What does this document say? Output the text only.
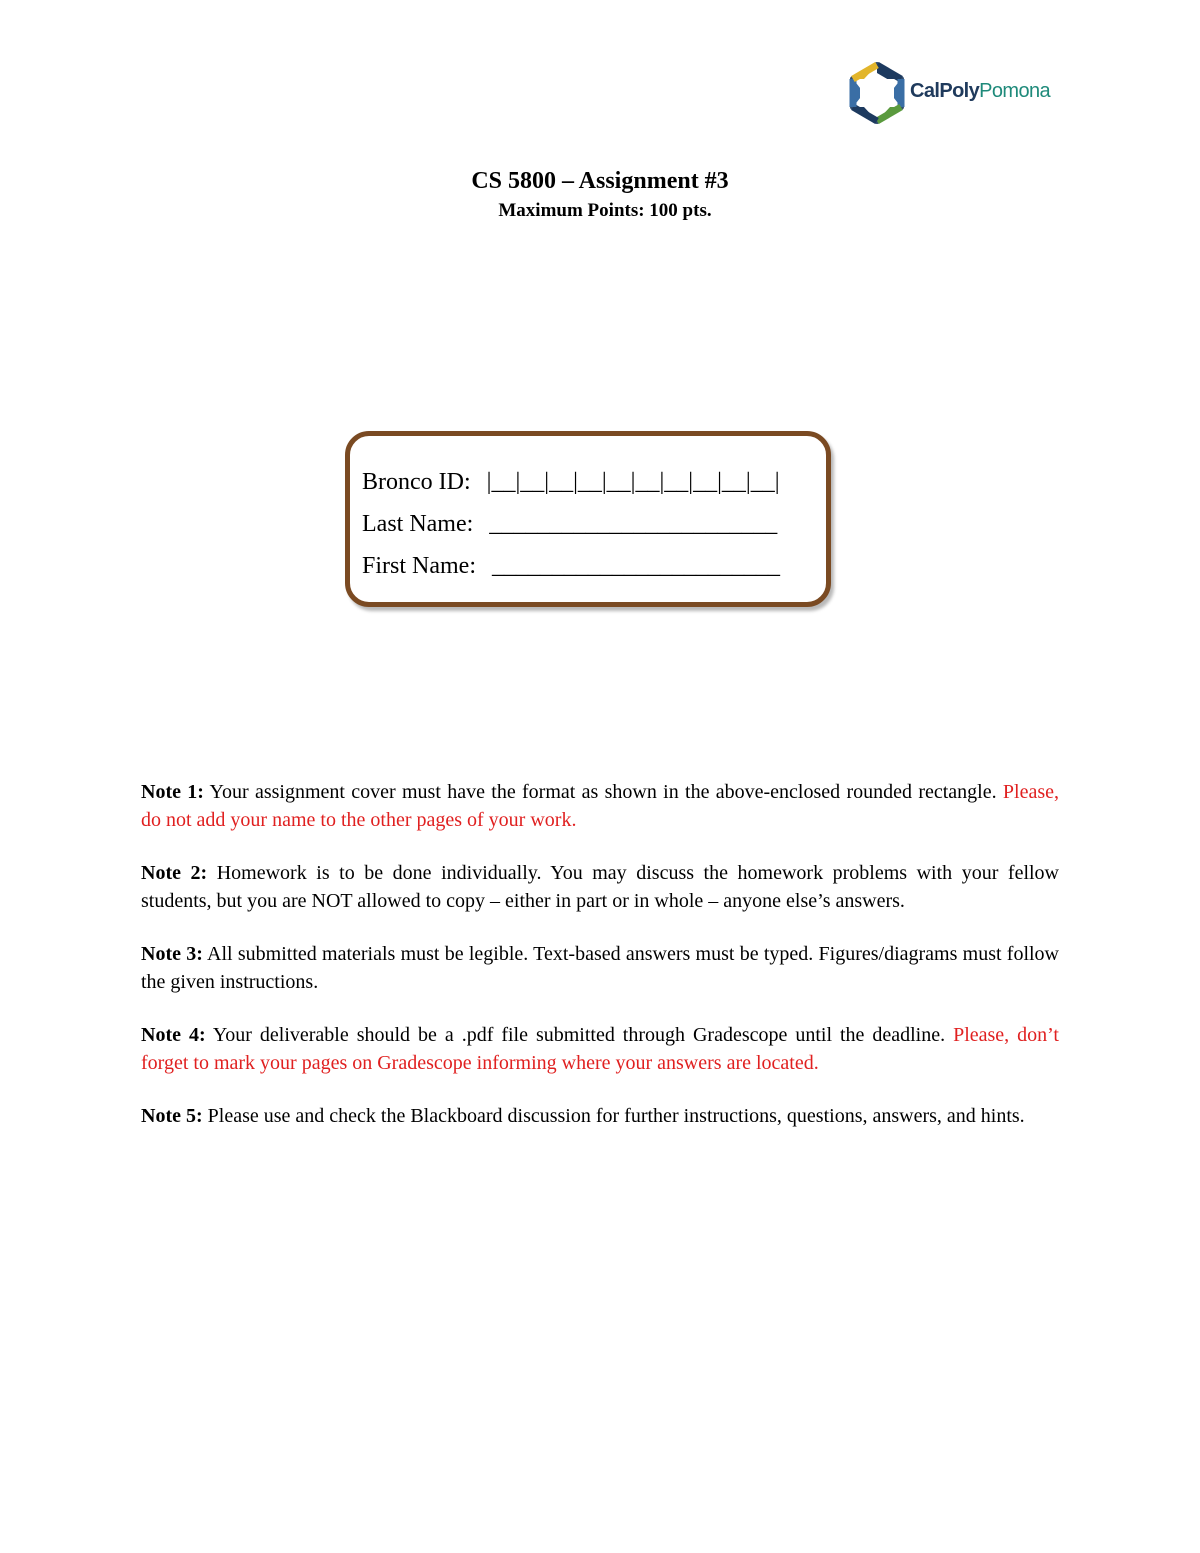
CalPolyPomona
CS 5800 – Assignment #3
Maximum Points: 100 pts.
Bronco ID: |__|__|__|__|__|__|__|__|__|__|
Last Name: ________________________
First Name: ________________________

Note 1: Your assignment cover must have the format as shown in the above-enclosed rounded rectangle. Please, do not add your name to the other pages of your work.

Note 2: Homework is to be done individually. You may discuss the homework problems with your fellow students, but you are NOT allowed to copy – either in part or in whole – anyone else’s answers.

Note 3: All submitted materials must be legible. Text-based answers must be typed. Figures/diagrams must follow the given instructions.

Note 4: Your deliverable should be a .pdf file submitted through Gradescope until the deadline. Please, don’t forget to mark your pages on Gradescope informing where your answers are located.

Note 5: Please use and check the Blackboard discussion for further instructions, questions, answers, and hints.
